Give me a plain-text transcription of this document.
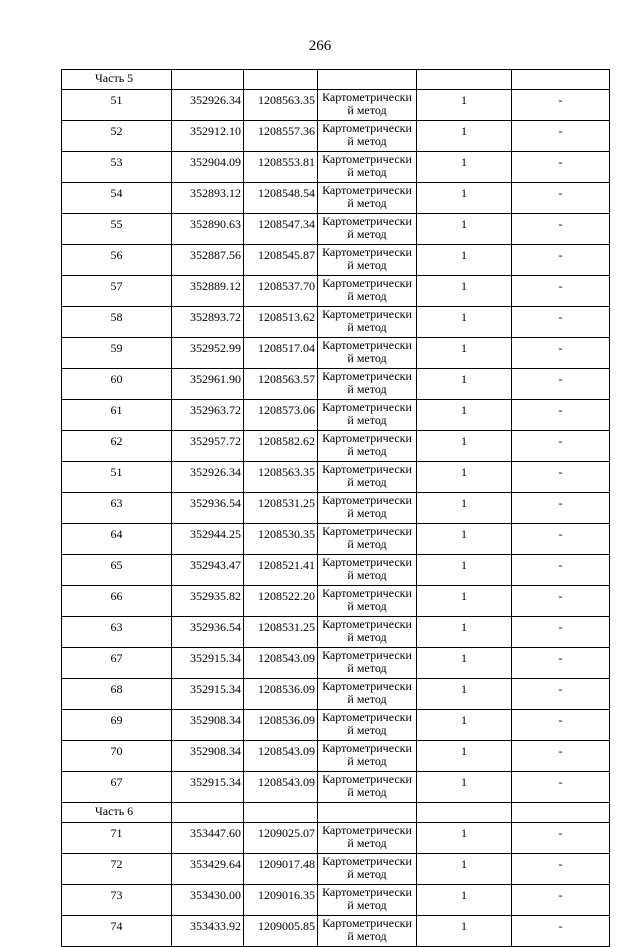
266
Часть 5					
51	352926.34	1208563.35	Картометрически й метод	1	-
52	352912.10	1208557.36	Картометрически й метод	1	-
53	352904.09	1208553.81	Картометрически й метод	1	-
54	352893.12	1208548.54	Картометрически й метод	1	-
55	352890.63	1208547.34	Картометрически й метод	1	-
56	352887.56	1208545.87	Картометрически й метод	1	-
57	352889.12	1208537.70	Картометрически й метод	1	-
58	352893.72	1208513.62	Картометрически й метод	1	-
59	352952.99	1208517.04	Картометрически й метод	1	-
60	352961.90	1208563.57	Картометрически й метод	1	-
61	352963.72	1208573.06	Картометрически й метод	1	-
62	352957.72	1208582.62	Картометрически й метод	1	-
51	352926.34	1208563.35	Картометрически й метод	1	-
63	352936.54	1208531.25	Картометрически й метод	1	-
64	352944.25	1208530.35	Картометрически й метод	1	-
65	352943.47	1208521.41	Картометрически й метод	1	-
66	352935.82	1208522.20	Картометрически й метод	1	-
63	352936.54	1208531.25	Картометрически й метод	1	-
67	352915.34	1208543.09	Картометрически й метод	1	-
68	352915.34	1208536.09	Картометрически й метод	1	-
69	352908.34	1208536.09	Картометрически й метод	1	-
70	352908.34	1208543.09	Картометрически й метод	1	-
67	352915.34	1208543.09	Картометрически й метод	1	-
Часть 6					
71	353447.60	1209025.07	Картометрически й метод	1	-
72	353429.64	1209017.48	Картометрически й метод	1	-
73	353430.00	1209016.35	Картометрически й метод	1	-
74	353433.92	1209005.85	Картометрически й метод	1	-
